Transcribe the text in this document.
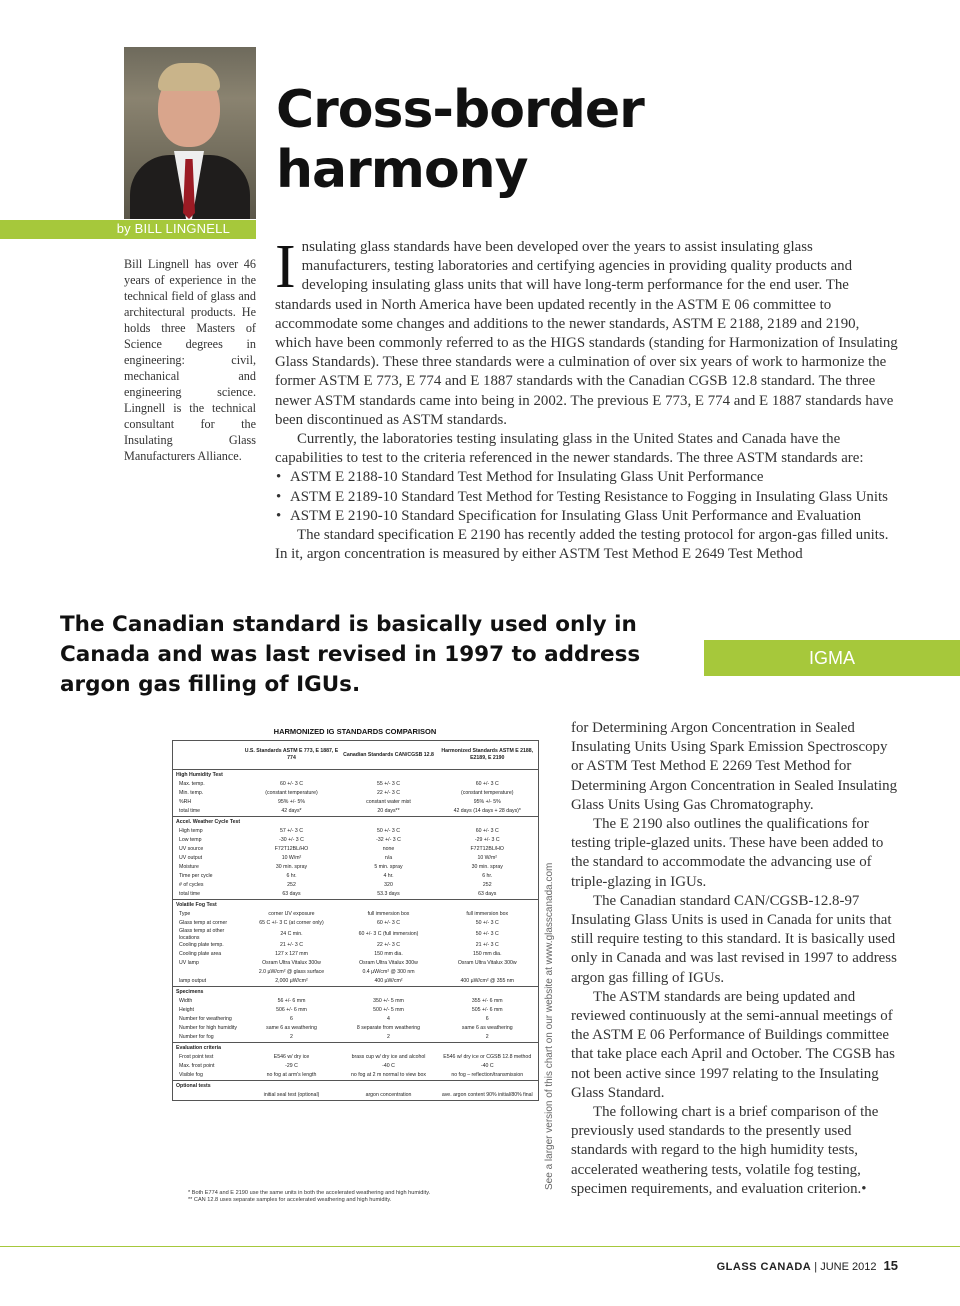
by BILL LINGNELL
Cross-border
harmony

Bill Lingnell has over 46 years of experience in the technical field of glass and architectural products. He holds three Masters of Science degrees in engineering: civil, mechanical and engineering science. Lingnell is the technical consultant for the Insulating Glass Manufacturers Alliance.

Insulating glass standards have been developed over the years to assist insulating glass manufacturers, testing laboratories and certifying agencies in providing quality products and developing insulating glass units that will have long-term performance for the end user. The standards used in North America have been updated recently in the ASTM E 06 committee to accommodate some changes and additions to the newer standards, ASTM E 2188, 2189 and 2190, which have been commonly referred to as the HIGS standards (standing for Harmonization of Insulating Glass Standards). These three standards were a culmination of over six years of work to harmonize the former ASTM E 773, E 774 and E 1887 standards with the Canadian CGSB 12.8 standard. The three newer ASTM standards came into being in 2002. The previous E 773, E 774 and E 1887 standards have been discontinued as ASTM standards.

Currently, the laboratories testing insulating glass in the United States and Canada have the capabilities to test to the criteria referenced in the newer standards. The three ASTM standards are:

• ASTM E 2188-10 Standard Test Method for Insulating Glass Unit Performance
• ASTM E 2189-10 Standard Test Method for Testing Resistance to Fogging in Insulating Glass Units
• ASTM E 2190-10 Standard Specification for Insulating Glass Unit Performance and Evaluation

The standard specification E 2190 has recently added the testing protocol for argon-gas filled units. In it, argon concentration is measured by either ASTM Test Method E 2649 Test Method

The Canadian standard is basically used only in Canada and was last revised in 1997 to address argon gas filling of IGUs.

IGMA
HARMONIZED IG STANDARDS COMPARISON
	U.S. Standards ASTM E 773, E 1887, E 774	Canadian Standards CAN/CGSB 12.8	Harmonized Standards ASTM E 2188, E2189, E 2190
High Humidity Test			
Max. temp.	60 +/- 3 C	55 +/- 3 C	60 +/- 3 C
Min. temp.	(constant temperature)	22 +/- 3 C	(constant temperature)
%RH	95% +/- 5%	constant water mist	95% +/- 5%
total time	42 days*	20 days**	42 days (14 days + 28 days)*
Accel. Weather Cycle Test			
High temp	57 +/- 3 C	50 +/- 3 C	60 +/- 3 C
Low temp	-30 +/- 3 C	-32 +/- 3 C	-29 +/- 3 C
UV source	F72T12BL/HO	none	F72T12BL/HO
UV output	10 W/m²	n/a	10 W/m²
Moisture	30 min. spray	5 min. spray	30 min. spray
Time per cycle	6 hr.	4 hr.	6 hr.
# of cycles	252	320	252
total time	63 days	53.3 days	63 days
Volatile Fog Test			
Type	corner UV exposure	full immersion box	full immersion box
Glass temp at corner	65 C +/- 3 C (at corner only)	60 +/- 3 C	50 +/- 3 C
Glass temp at other locations	24 C min.	60 +/- 3 C (full immersion)	50 +/- 3 C
Cooling plate temp.	21 +/- 3 C	22 +/- 3 C	21 +/- 3 C
Cooling plate area	127 x 127 mm	150 mm dia.	150 mm dia.
UV lamp	Osram Ultra Vitalux 300w	Osram Ultra Vitalux 300w	Osram Ultra Vitalux 300w
	2.0 µW/cm² @ glass surface	0.4 µW/cm² @ 300 nm	
lamp output	2,000 µW/cm²	400 µW/cm²	400 µW/cm² @ 355 nm
Specimens			
Width	56 +/- 6 mm	350 +/- 5 mm	355 +/- 6 mm
Height	506 +/- 6 mm	500 +/- 5 mm	505 +/- 6 mm
Number for weathering	6	4	6
Number for high humidity	same 6 as weathering	8 separate from weathering	same 6 as weathering
Number for fog	2	2	2
Evaluation criteria			
Frost point test	E546 w/ dry ice	brass cup w/ dry ice and alcohol	E546 w/ dry ice or CGSB 12.8 method
Max. frost point	-29 C	-40 C	-40 C
Visible fog	no fog at arm's length	no fog at 2 m normal to view box	no fog – reflection/transmission
Optional tests			
	initial seal test (optional)	argon concentration	ave. argon content 90% initial/80% final
* Both E774 and E 2190 use the same units in both the accelerated weathering and high humidity.
** CAN 12.8 uses separate samples for accelerated weathering and high humidity.
See a larger version of this chart on our website at www.glasscanada.com

for Determining Argon Concentration in Sealed Insulating Units Using Spark Emission Spectroscopy or ASTM Test Method E 2269 Test Method for Determining Argon Concentration in Sealed Insulating Glass Units Using Gas Chromatography.

The E 2190 also outlines the qualifications for testing triple-glazed units. These have been added to the standard to accommodate the advancing use of triple-glazing in IGUs.

The Canadian standard CAN/CGSB-12.8-97 Insulating Glass Units is used in Canada for units that still require testing to this standard. It is basically used only in Canada and was last revised in 1997 to address argon gas filling of IGUs.

The ASTM standards are being updated and reviewed continuously at the semi-annual meetings of the ASTM E 06 Performance of Buildings committee that take place each April and October. The CGSB has not been active since 1997 relating to the Insulating Glass Standard.

The following chart is a brief comparison of the previously used standards to the presently used standards with regard to the high humidity tests, accelerated weathering tests, volatile fog testing, specimen requirements, and evaluation criterion.•

GLASS CANADA | JUNE 2012 15
